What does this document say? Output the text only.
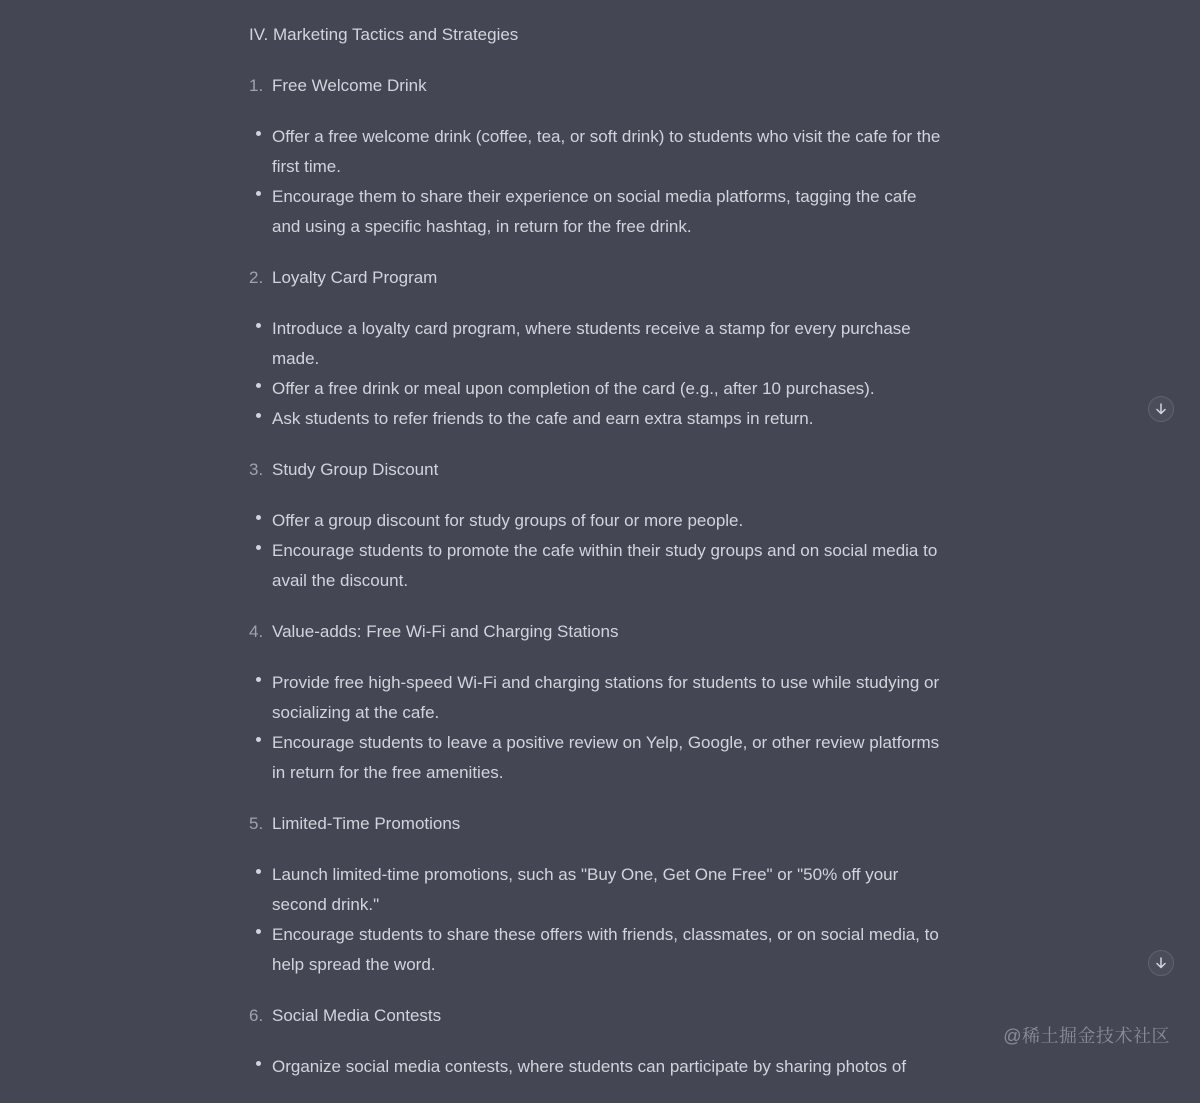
IV. Marketing Tactics and Strategies
1. Free Welcome Drink
Offer a free welcome drink (coffee, tea, or soft drink) to students who visit the cafe for the first time.
Encourage them to share their experience on social media platforms, tagging the cafe and using a specific hashtag, in return for the free drink.
2. Loyalty Card Program
Introduce a loyalty card program, where students receive a stamp for every purchase made.
Offer a free drink or meal upon completion of the card (e.g., after 10 purchases).
Ask students to refer friends to the cafe and earn extra stamps in return.
3. Study Group Discount
Offer a group discount for study groups of four or more people.
Encourage students to promote the cafe within their study groups and on social media to avail the discount.
4. Value-adds: Free Wi-Fi and Charging Stations
Provide free high-speed Wi-Fi and charging stations for students to use while studying or socializing at the cafe.
Encourage students to leave a positive review on Yelp, Google, or other review platforms in return for the free amenities.
5. Limited-Time Promotions
Launch limited-time promotions, such as "Buy One, Get One Free" or "50% off your second drink."
Encourage students to share these offers with friends, classmates, or on social media, to help spread the word.
6. Social Media Contests
Organize social media contests, where students can participate by sharing photos of
@稀土掘金技术社区
